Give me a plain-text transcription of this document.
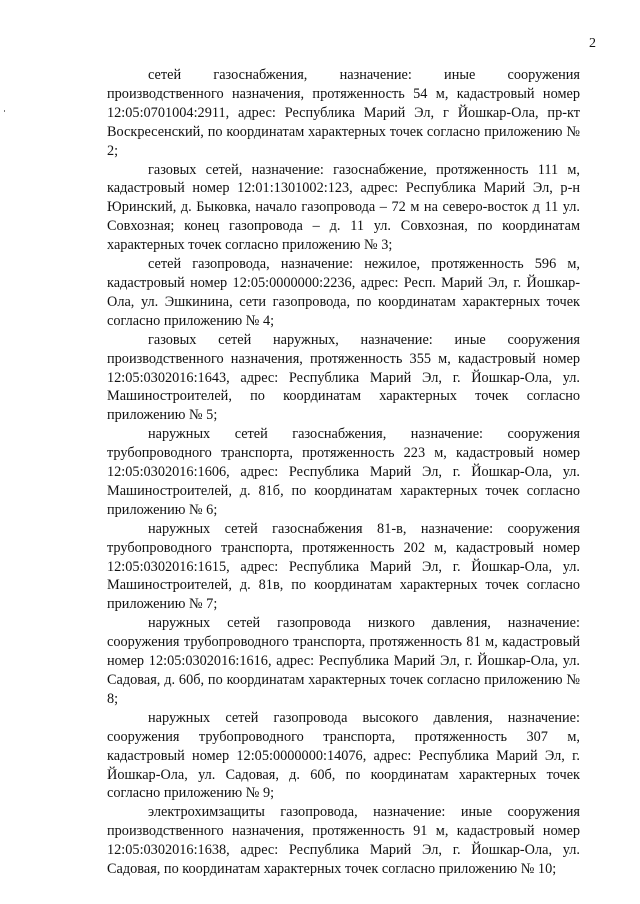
2

сетей газоснабжения, назначение: иные сооружения производственного назначения, протяженность 54 м, кадастровый номер 12:05:0701004:2911, адрес: Республика Марий Эл, г Йошкар-Ола, пр-кт Воскресенский, по координатам характерных точек согласно приложению № 2;

газовых сетей, назначение: газоснабжение, протяженность 111 м, кадастровый номер 12:01:1301002:123, адрес: Республика Марий Эл, р-н Юринский, д. Быковка, начало газопровода – 72 м на северо-восток д 11 ул. Совхозная; конец газопровода – д. 11 ул. Совхозная, по координатам характерных точек согласно приложению № 3;

сетей газопровода, назначение: нежилое, протяженность 596 м, кадастровый номер 12:05:0000000:2236, адрес: Респ. Марий Эл, г. Йошкар-Ола, ул. Эшкинина, сети газопровода, по координатам характерных точек согласно приложению № 4;

газовых сетей наружных, назначение: иные сооружения производственного назначения, протяженность 355 м, кадастровый номер 12:05:0302016:1643, адрес: Республика Марий Эл, г. Йошкар-Ола, ул. Машиностроителей, по координатам характерных точек согласно приложению № 5;

наружных сетей газоснабжения, назначение: сооружения трубопроводного транспорта, протяженность 223 м, кадастровый номер 12:05:0302016:1606, адрес: Республика Марий Эл, г. Йошкар-Ола, ул. Машиностроителей, д. 81б, по координатам характерных точек согласно приложению № 6;

наружных сетей газоснабжения 81-в, назначение: сооружения трубопроводного транспорта, протяженность 202 м, кадастровый номер 12:05:0302016:1615, адрес: Республика Марий Эл, г. Йошкар-Ола, ул. Машиностроителей, д. 81в, по координатам характерных точек согласно приложению № 7;

наружных сетей газопровода низкого давления, назначение: сооружения трубопроводного транспорта, протяженность 81 м, кадастровый номер 12:05:0302016:1616, адрес: Республика Марий Эл, г. Йошкар-Ола, ул. Садовая, д. 60б, по координатам характерных точек согласно приложению № 8;

наружных сетей газопровода высокого давления, назначение: сооружения трубопроводного транспорта, протяженность 307 м, кадастровый номер 12:05:0000000:14076, адрес: Республика Марий Эл, г. Йошкар-Ола, ул. Садовая, д. 60б, по координатам характерных точек согласно приложению № 9;

электрохимзащиты газопровода, назначение: иные сооружения производственного назначения, протяженность 91 м, кадастровый номер 12:05:0302016:1638, адрес: Республика Марий Эл, г. Йошкар-Ола, ул. Садовая, по координатам характерных точек согласно приложению № 10;
